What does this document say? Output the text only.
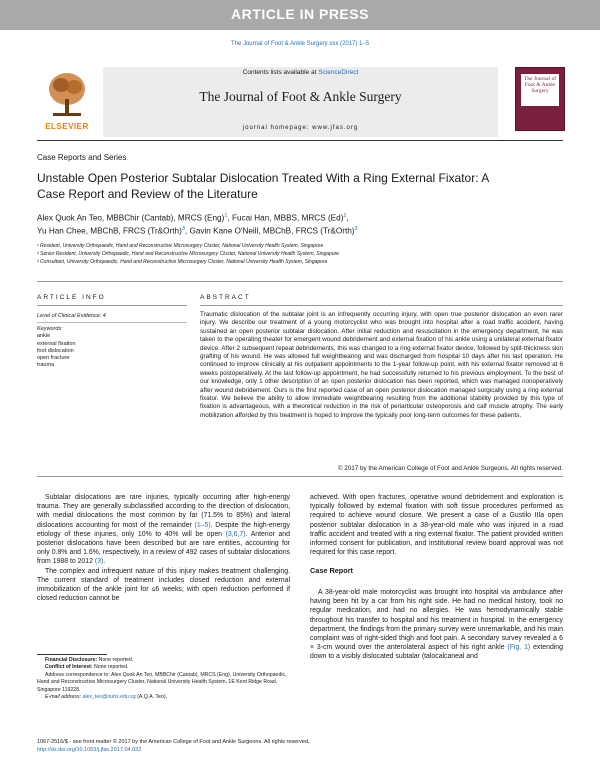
ARTICLE IN PRESS
The Journal of Foot & Ankle Surgery xxx (2017) 1–5
ELSEVIER
Contents lists available at ScienceDirect
The Journal of Foot & Ankle Surgery
journal homepage: www.jfas.org
The Journal of Foot & Ankle Surgery
Case Reports and Series
Unstable Open Posterior Subtalar Dislocation Treated With a Ring External Fixator: A Case Report and Review of the Literature
Alex Quok An Teo, MBBChir (Cantab), MRCS (Eng)$^1$, Fucai Han, MBBS, MRCS $(Ed)^2$,
Yu Han Chee, MBChB, FRCS (Tr&Orth)$^3$, Gavin Kane O'Neill, MBChB, FRCS (Tr&Orth)$^3$
¹ Resident, University Orthopaedic, Hand and Reconstructive Microsurgery Cluster, National University Health System, Singapore
² Senior Resident, University Orthopaedic, Hand and Reconstructive Microsurgery Cluster, National University Health System, Singapore
³ Consultant, University Orthopaedic, Hand and Reconstructive Microsurgery Cluster, National University Health System, Singapore
ARTICLE INFO	ABSTRACT
Level of Clinical Evidence: 4
Keywords:
ankle
external fixation
foot dislocation
open fracture
trauma
Traumatic dislocation of the subtalar joint is an infrequently occurring injury, with open true posterior dislocation an even rarer injury. We describe our treatment of a young motorcyclist who was brought into hospital after a road traffic accident, having sustained an open posterior subtalar dislocation. After initial reduction and resuscitation in the emergency department, he was taken to the operating theater for emergent wound debridement and external fixation of his ankle using a unilateral external fixator device. After 2 subsequent repeat debridements, this was changed to a ring external fixator device, followed by split-thickness skin grafting of his wound. He was allowed full weightbearing and was discharged from hospital 10 days after his last operation. He continued to improve clinically at his outpatient appointments to the 1-year follow-up point, with his external fixator removed at 6 weeks postoperatively. At the last follow-up appointment, he had successfully returned to his previous employment. To the best of our knowledge, only 1 other description of an open posterior dislocation has been reported, which was managed nonoperatively after wound debridement. Ours is the first reported case of an open posterior dislocation managed surgically using a ring external fixator. We believe the ability to allow immediate weightbearing resulting from the additional stability provided by this type of fixation is advantageous, with a theoretical reduction in the risk of periarticular osteoporosis and calf muscle atrophy. The early mobilization afforded by this treatment is hoped to improve the typically poor long-term outcomes for these patients.
© 2017 by the American College of Foot and Ankle Surgeons. All rights reserved.

Subtalar dislocations are rare injuries, typically occurring after high-energy trauma. They are generally subclassified according to the direction of dislocation, with medial dislocations the most common by far (71.5% to 85%) and lateral dislocations accounting for most of the remainder (1–5). Despite the high-energy etiology of these injuries, only 10% to 40% will be open (3,6,7). Anterior and posterior dislocations have been described but are rare entities, accounting for only 0.8% and 1.6%, respectively, in a review of 492 cases of subtalar dislocations from 1988 to 2012 (3).

The complex and infrequent nature of this injury makes treatment challenging. The current standard of treatment includes closed reduction and external immobilization of the ankle joint for ≤6 weeks, with open reduction performed if closed reduction cannot be

achieved. With open fractures, operative wound debridement and exploration is typically followed by external fixation with soft tissue procedures performed as required to achieve wound closure. We present a case of a Gustilo IIIa open posterior subtalar dislocation in a 38-year-old male who was injured in a road traffic accident and treated with a ring external fixator. The patient provided written informed consent for publication, and institutional review board approval was not required for this case report.

Case Report

A 38-year-old male motorcyclist was brought into hospital via ambulance after having been hit by a car from his right side. He had no medical history, took no regular medication, and had no allergies. He was hemodynamically stable throughout his transfer to hospital and his treatment in hospital. In the emergency department, the findings from the primary survey were unremarkable, and his main complaint was of right-sided thigh and foot pain. A secondary survey revealed a 6 × 3-cm wound over the anterolateral aspect of his right ankle (Fig. 1) extending down to a visibly dislocated subtalar (talocalcaneal and

Financial Disclosure: None reported.
Conflict of Interest: None reported.
Address correspondence to: Alex Quok An Teo, MBBChir (Cantab), MRCS (Eng), University Orthopaedic, Hand and Reconstructive Microsurgery Cluster, National University Health System, 1E Kent Ridge Road, Singapore 119228.
E-mail address: alex_teo@nuhs.edu.sg (A.Q.A. Teo).
1067-2516/$ - see front matter © 2017 by the American College of Foot and Ankle Surgeons. All rights reserved.
http://dx.doi.org/10.1053/j.jfas.2017.04.032
